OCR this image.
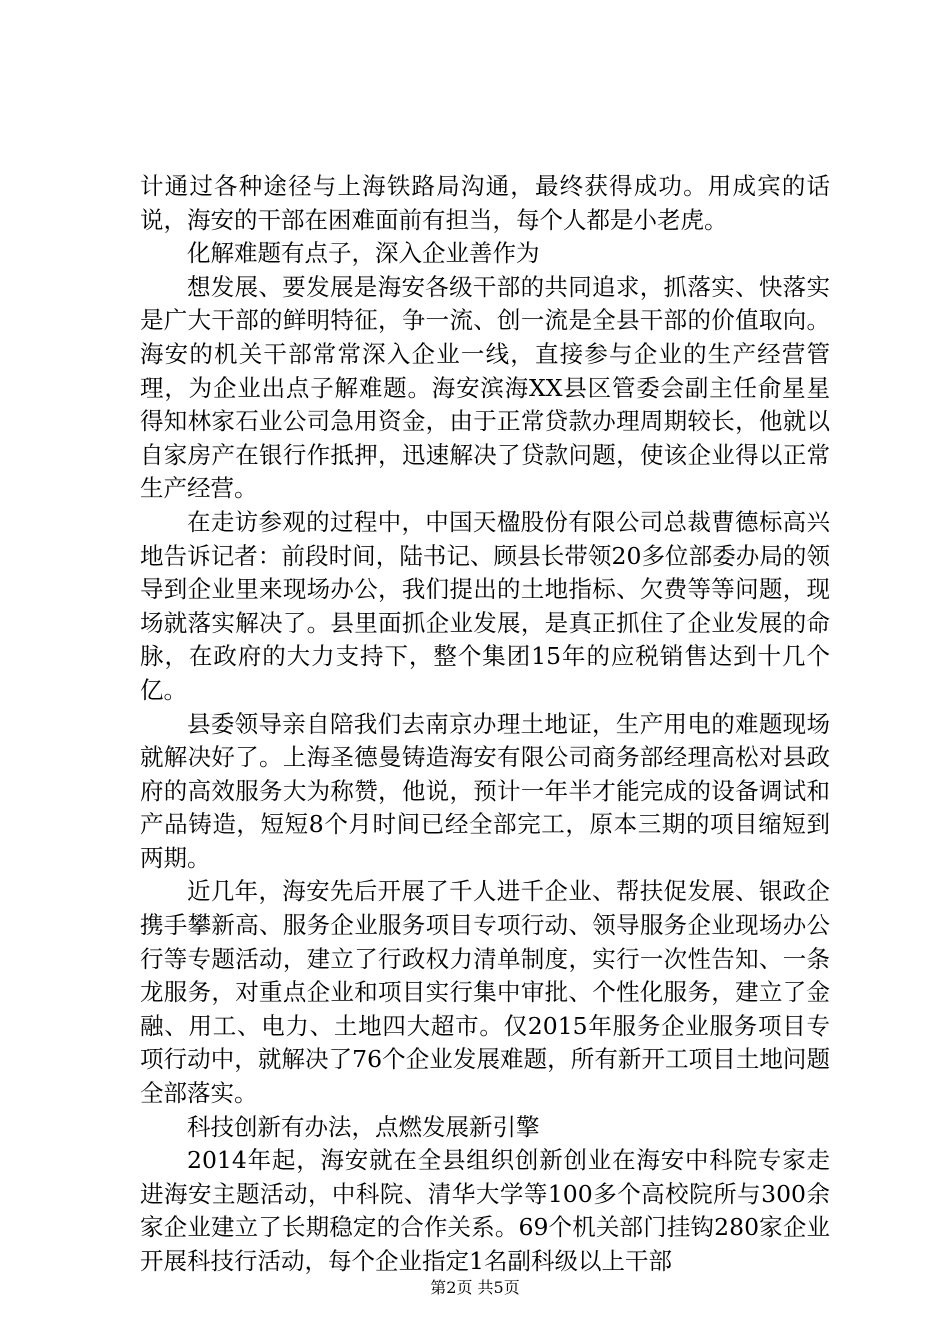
计通过各种途径与上海铁路局沟通，最终获得成功。用成宾的话说，海安的干部在困难面前有担当，每个人都是小老虎。

化解难题有点子，深入企业善作为

想发展、要发展是海安各级干部的共同追求，抓落实、快落实是广大干部的鲜明特征，争一流、创一流是全县干部的价值取向。海安的机关干部常常深入企业一线，直接参与企业的生产经营管理，为企业出点子解难题。海安滨海XX县区管委会副主任俞星星得知林家石业公司急用资金，由于正常贷款办理周期较长，他就以自家房产在银行作抵押，迅速解决了贷款问题，使该企业得以正常生产经营。

在走访参观的过程中，中国天楹股份有限公司总裁曹德标高兴地告诉记者：前段时间，陆书记、顾县长带领20多位部委办局的领导到企业里来现场办公，我们提出的土地指标、欠费等等问题，现场就落实解决了。县里面抓企业发展，是真正抓住了企业发展的命脉，在政府的大力支持下，整个集团15年的应税销售达到十几个亿。

县委领导亲自陪我们去南京办理土地证，生产用电的难题现场就解决好了。上海圣德曼铸造海安有限公司商务部经理高松对县政府的高效服务大为称赞，他说，预计一年半才能完成的设备调试和产品铸造，短短8个月时间已经全部完工，原本三期的项目缩短到两期。

近几年，海安先后开展了千人进千企业、帮扶促发展、银政企携手攀新高、服务企业服务项目专项行动、领导服务企业现场办公行等专题活动，建立了行政权力清单制度，实行一次性告知、一条龙服务，对重点企业和项目实行集中审批、个性化服务，建立了金融、用工、电力、土地四大超市。仅2015年服务企业服务项目专项行动中，就解决了76个企业发展难题，所有新开工项目土地问题全部落实。

科技创新有办法，点燃发展新引擎

2014年起，海安就在全县组织创新创业在海安中科院专家走进海安主题活动，中科院、清华大学等100多个高校院所与300余家企业建立了长期稳定的合作关系。69个机关部门挂钩280家企业开展科技行活动，每个企业指定1名副科级以上干部

第2页 共5页
